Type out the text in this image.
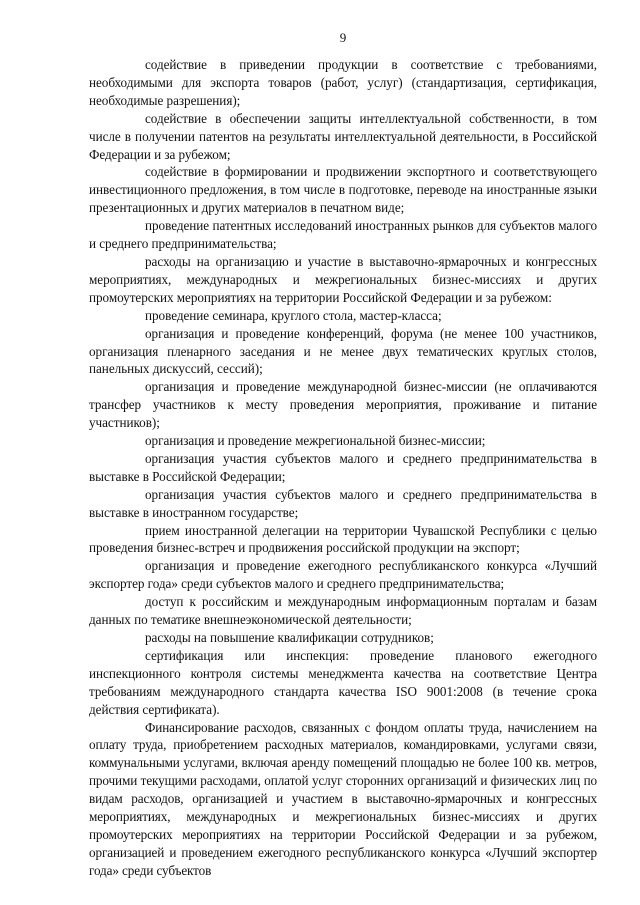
9

содействие в приведении продукции в соответствие с требованиями, необходимыми для экспорта товаров (работ, услуг) (стандартизация, сертификация, необходимые разрешения);

содействие в обеспечении защиты интеллектуальной собственности, в том числе в получении патентов на результаты интеллектуальной деятельности, в Российской Федерации и за рубежом;

содействие в формировании и продвижении экспортного и соответствующего инвестиционного предложения, в том числе в подготовке, переводе на иностранные языки презентационных и других материалов в печатном виде;

проведение патентных исследований иностранных рынков для субъектов малого и среднего предпринимательства;

расходы на организацию и участие в выставочно-ярмарочных и конгрессных мероприятиях, международных и межрегиональных бизнес-миссиях и других промоутерских мероприятиях на территории Российской Федерации и за рубежом:

проведение семинара, круглого стола, мастер-класса;

организация и проведение конференций, форума (не менее 100 участников, организация пленарного заседания и не менее двух тематических круглых столов, панельных дискуссий, сессий);

организация и проведение международной бизнес-миссии (не оплачиваются трансфер участников к месту проведения мероприятия, проживание и питание участников);

организация и проведение межрегиональной бизнес-миссии;

организация участия субъектов малого и среднего предпринимательства в выставке в Российской Федерации;

организация участия субъектов малого и среднего предпринимательства в выставке в иностранном государстве;

прием иностранной делегации на территории Чувашской Республики с целью проведения бизнес-встреч и продвижения российской продукции на экспорт;

организация и проведение ежегодного республиканского конкурса «Лучший экспортер года» среди субъектов малого и среднего предпринимательства;

доступ к российским и международным информационным порталам и базам данных по тематике внешнеэкономической деятельности;

расходы на повышение квалификации сотрудников;

сертификация или инспекция: проведение планового ежегодного инспекционного контроля системы менеджмента качества на соответствие Центра требованиям международного стандарта качества ISO 9001:2008 (в течение срока действия сертификата).

Финансирование расходов, связанных с фондом оплаты труда, начислением на оплату труда, приобретением расходных материалов, командировками, услугами связи, коммунальными услугами, включая аренду помещений площадью не более 100 кв. метров, прочими текущими расходами, оплатой услуг сторонних организаций и физических лиц по видам расходов, организацией и участием в выставочно-ярмарочных и конгрессных мероприятиях, международных и межрегиональных бизнес-миссиях и других промоутерских мероприятиях на территории Российской Федерации и за рубежом, организацией и проведением ежегодного республиканского конкурса «Лучший экспортер года» среди субъектов
